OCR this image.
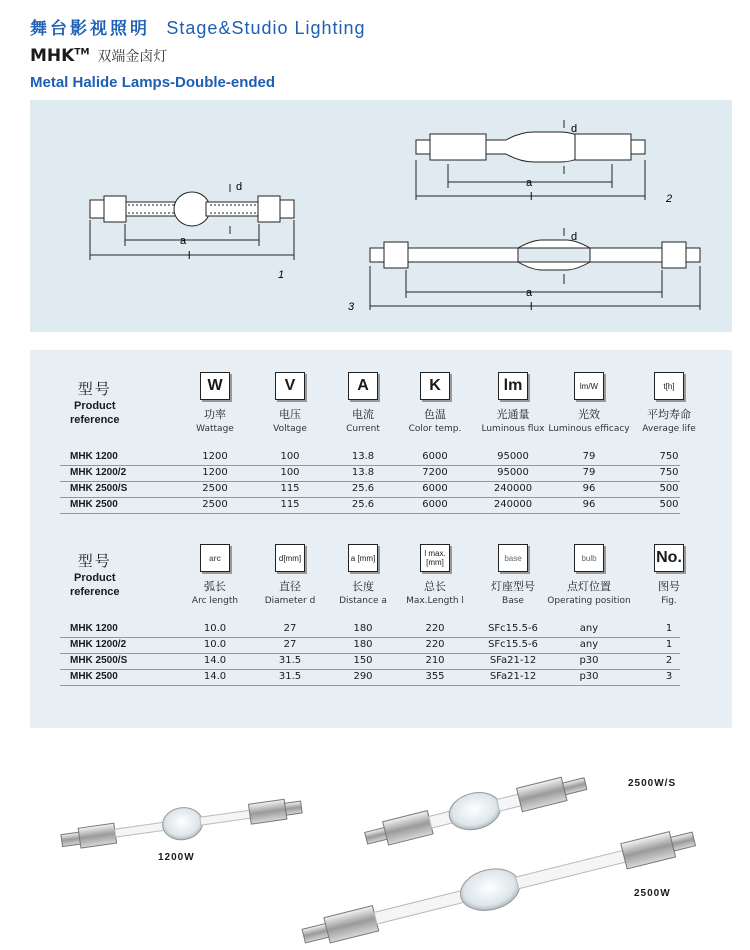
舞台影视照明 Stage&Studio Lighting
MHK™ 双端金卤灯
Metal Halide Lamps-Double-ended
a
l
d
1
a
l
d
2
a
l
d
3
型号
Product
reference
W
功率
Wattage
V
电压
Voltage
A
电流
Current
K
色温
Color temp.
lm
光通量
Luminous flux
lm/W
光效
Luminous efficacy
t[h]
平均寿命
Average life
MHK 1200	1200	100	13.8	6000	95000	79	750
MHK 1200/2	1200	100	13.8	7200	95000	79	750
MHK 2500/S	2500	115	25.6	6000	240000	96	500
MHK 2500	2500	115	25.6	6000	240000	96	500
型号
Product
reference
arc
弧长
Arc length
d[mm]
直径
Diameter d
a [mm]
长度
Distance a
l max. [mm]
总长
Max.Length l
base
灯座型号
Base
bulb
点灯位置
Operating position
No.
图号
Fig.
MHK 1200	10.0	27	180	220	SFc15.5-6	any	1
MHK 1200/2	10.0	27	180	220	SFc15.5-6	any	1
MHK 2500/S	14.0	31.5	150	210	SFa21-12	p30	2
MHK 2500	14.0	31.5	290	355	SFa21-12	p30	3
1200W
2500W/S
2500W
